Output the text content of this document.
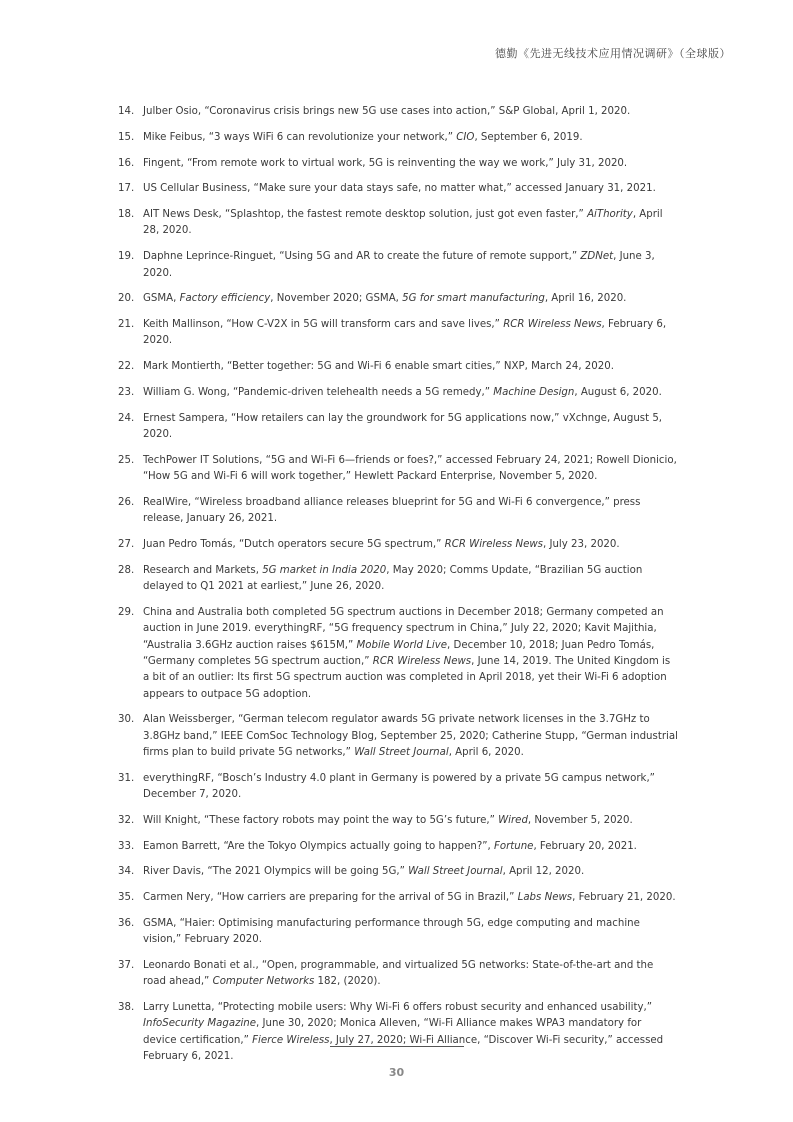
德勤《先进无线技术应用情况调研》（全球版）
14. Julber Osio, “Coronavirus crisis brings new 5G use cases into action,” S&P Global, April 1, 2020.
15. Mike Feibus, “3 ways WiFi 6 can revolutionize your network,” CIO, September 6, 2019.
16. Fingent, “From remote work to virtual work, 5G is reinventing the way we work,” July 31, 2020.
17. US Cellular Business, “Make sure your data stays safe, no matter what,” accessed January 31, 2021.
18. AIT News Desk, “Splashtop, the fastest remote desktop solution, just got even faster,” AiThority, April 28, 2020.
19. Daphne Leprince-Ringuet, “Using 5G and AR to create the future of remote support,” ZDNet, June 3, 2020.
20. GSMA, Factory efficiency, November 2020; GSMA, 5G for smart manufacturing, April 16, 2020.
21. Keith Mallinson, “How C-V2X in 5G will transform cars and save lives,” RCR Wireless News, February 6, 2020.
22. Mark Montierth, “Better together: 5G and Wi-Fi 6 enable smart cities,” NXP, March 24, 2020.
23. William G. Wong, “Pandemic-driven telehealth needs a 5G remedy,” Machine Design, August 6, 2020.
24. Ernest Sampera, “How retailers can lay the groundwork for 5G applications now,” vXchnge, August 5, 2020.
25. TechPower IT Solutions, “5G and Wi-Fi 6—friends or foes?,” accessed February 24, 2021; Rowell Dionicio, “How 5G and Wi-Fi 6 will work together,” Hewlett Packard Enterprise, November 5, 2020.
26. RealWire, “Wireless broadband alliance releases blueprint for 5G and Wi-Fi 6 convergence,” press release, January 26, 2021.
27. Juan Pedro Tomás, “Dutch operators secure 5G spectrum,” RCR Wireless News, July 23, 2020.
28. Research and Markets, 5G market in India 2020, May 2020; Comms Update, “Brazilian 5G auction delayed to Q1 2021 at earliest,” June 26, 2020.
29. China and Australia both completed 5G spectrum auctions in December 2018; Germany competed an auction in June 2019. everythingRF, “5G frequency spectrum in China,” July 22, 2020; Kavit Majithia, “Australia 3.6GHz auction raises $615M,” Mobile World Live, December 10, 2018; Juan Pedro Tomás, “Germany completes 5G spectrum auction,” RCR Wireless News, June 14, 2019. The United Kingdom is a bit of an outlier: Its first 5G spectrum auction was completed in April 2018, yet their Wi-Fi 6 adoption appears to outpace 5G adoption.
30. Alan Weissberger, “German telecom regulator awards 5G private network licenses in the 3.7GHz to 3.8GHz band,” IEEE ComSoc Technology Blog, September 25, 2020; Catherine Stupp, “German industrial firms plan to build private 5G networks,” Wall Street Journal, April 6, 2020.
31. everythingRF, “Bosch’s Industry 4.0 plant in Germany is powered by a private 5G campus network,” December 7, 2020.
32. Will Knight, “These factory robots may point the way to 5G’s future,” Wired, November 5, 2020.
33. Eamon Barrett, “Are the Tokyo Olympics actually going to happen?”, Fortune, February 20, 2021.
34. River Davis, “The 2021 Olympics will be going 5G,” Wall Street Journal, April 12, 2020.
35. Carmen Nery, “How carriers are preparing for the arrival of 5G in Brazil,” Labs News, February 21, 2020.
36. GSMA, “Haier: Optimising manufacturing performance through 5G, edge computing and machine vision,” February 2020.
37. Leonardo Bonati et al., “Open, programmable, and virtualized 5G networks: State-of-the-art and the road ahead,” Computer Networks 182, (2020).
38. Larry Lunetta, “Protecting mobile users: Why Wi-Fi 6 offers robust security and enhanced usability,” InfoSecurity Magazine, June 30, 2020; Monica Alleven, “Wi-Fi Alliance makes WPA3 mandatory for device certification,” Fierce Wireless, July 27, 2020; Wi-Fi Alliance, “Discover Wi-Fi security,” accessed February 6, 2021.
30
